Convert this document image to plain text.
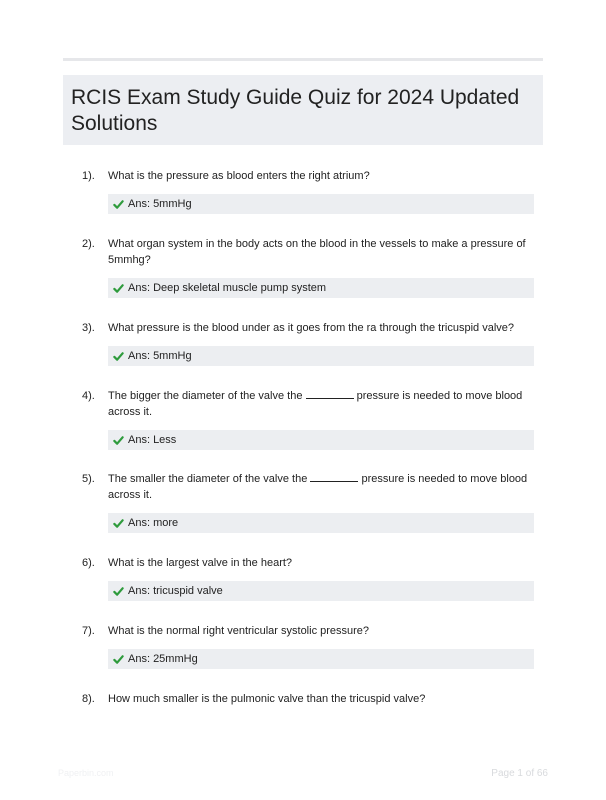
RCIS Exam Study Guide Quiz for 2024 Updated Solutions
1). What is the pressure as blood enters the right atrium?
Ans: 5mmHg
2). What organ system in the body acts on the blood in the vessels to make a pressure of 5mmhg?
Ans: Deep skeletal muscle pump system
3). What pressure is the blood under as it goes from the ra through the tricuspid valve?
Ans: 5mmHg
4). The bigger the diameter of the valve the	pressure is needed to move blood across it.
Ans: Less
5). The smaller the diameter of the valve the	pressure is needed to move blood across it.
Ans: more
6). What is the largest valve in the heart?
Ans: tricuspid valve
7). What is the normal right ventricular systolic pressure?
Ans: 25mmHg
8). How much smaller is the pulmonic valve than the tricuspid valve?
Paperbin.com	Page 1 of 66
